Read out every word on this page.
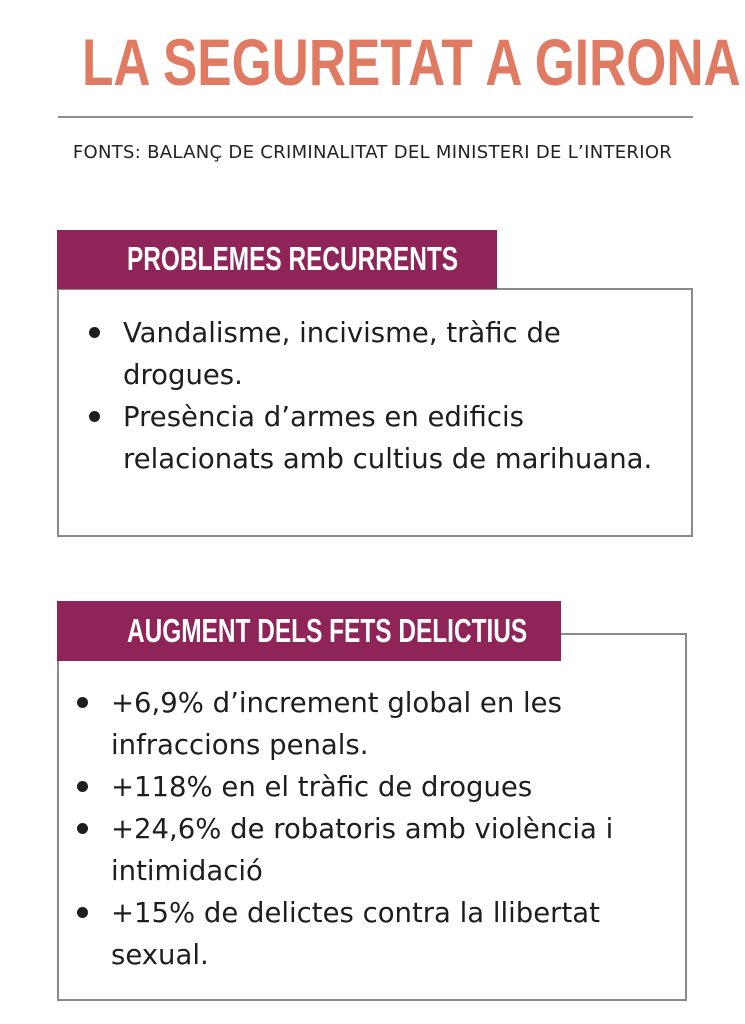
LA SEGURETAT A GIRONA

FONTS: BALANÇ DE CRIMINALITAT DEL MINISTERI DE L’INTERIOR

Vandalisme, incivisme, tràfic de drogues.
Presència d’armes en edificis relacionats amb cultius de marihuana.
PROBLEMES RECURRENTS
+6,9% d’increment global en les infraccions penals.
+118% en el tràfic de drogues
+24,6% de robatoris amb violència i intimidació
+15% de delictes contra la llibertat sexual.
AUGMENT DELS FETS DELICTIUS
